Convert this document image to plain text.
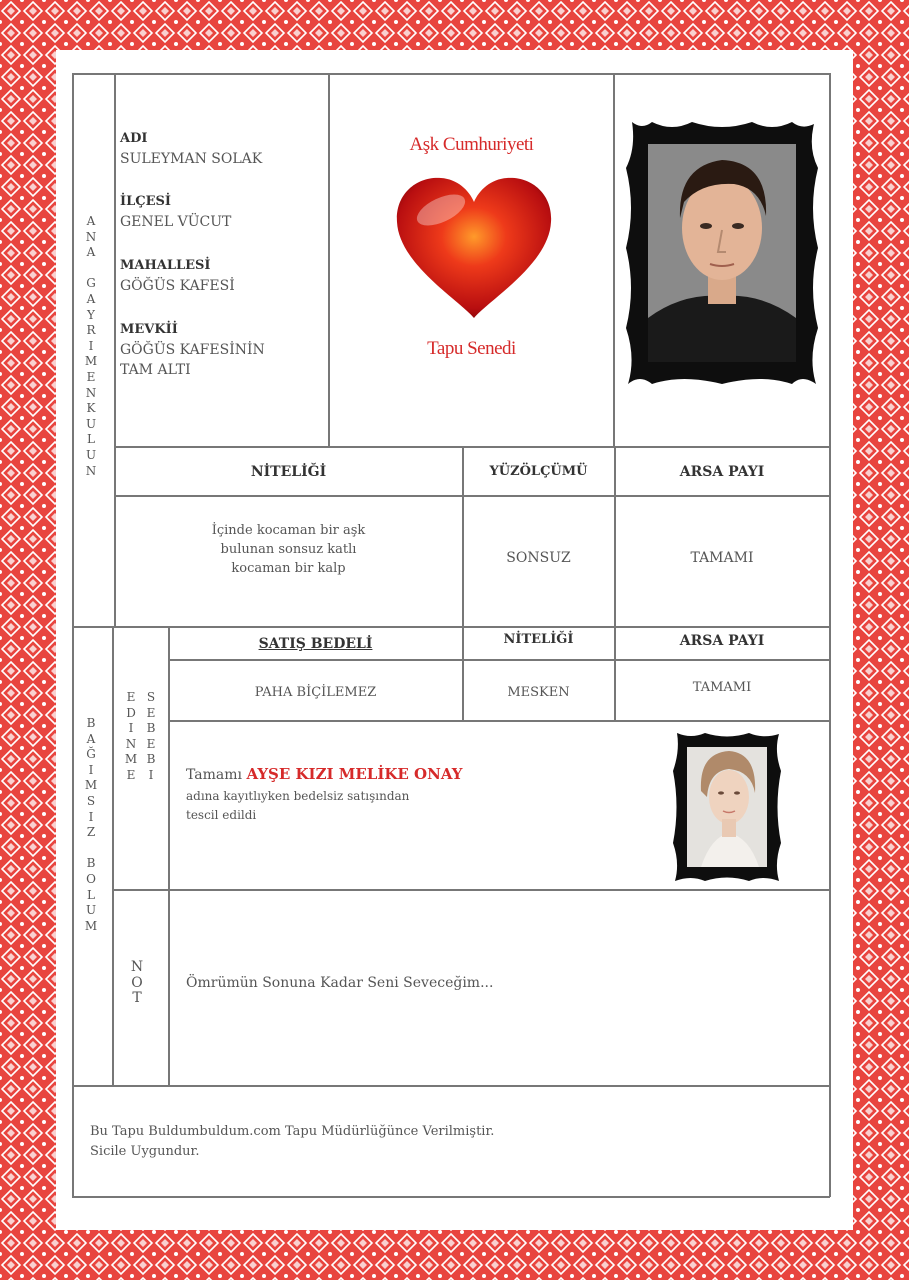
A
N
A

G
A
Y
R
I
M
E
N
K
U
L
U
N
B
A
Ğ
I
M
S
I
Z

B
O
L
U
M
E
D
I
N
M
E
S
E
B
E
B
I
N
O
T
ADI
SULEYMAN SOLAK
İLÇESİ
GENEL VÜCUT
MAHALLESİ
GÖĞÜS KAFESİ
MEVKİİ
GÖĞÜS KAFESİNİN
TAM ALTI
Aşk Cumhuriyeti
Tapu Senedi
NİTELİĞİ	YÜZÖLÇÜMÜ	ARSA PAYI
İçinde kocaman bir aşk
bulunan sonsuz katlı
kocaman bir kalp
SONSUZ	TAMAMI
SATIŞ BEDELİ	NİTELİĞİ	ARSA PAYI
PAHA BİÇİLEMEZ	MESKEN	TAMAMI
Tamamı AYŞE KIZI MELİKE ONAY
adına kayıtlıyken bedelsiz satışından
tescil edildi
Ömrümün Sonuna Kadar Seni Seveceğim...
Bu Tapu Buldumbuldum.com Tapu Müdürlüğünce Verilmiştir.
Sicile Uygundur.
